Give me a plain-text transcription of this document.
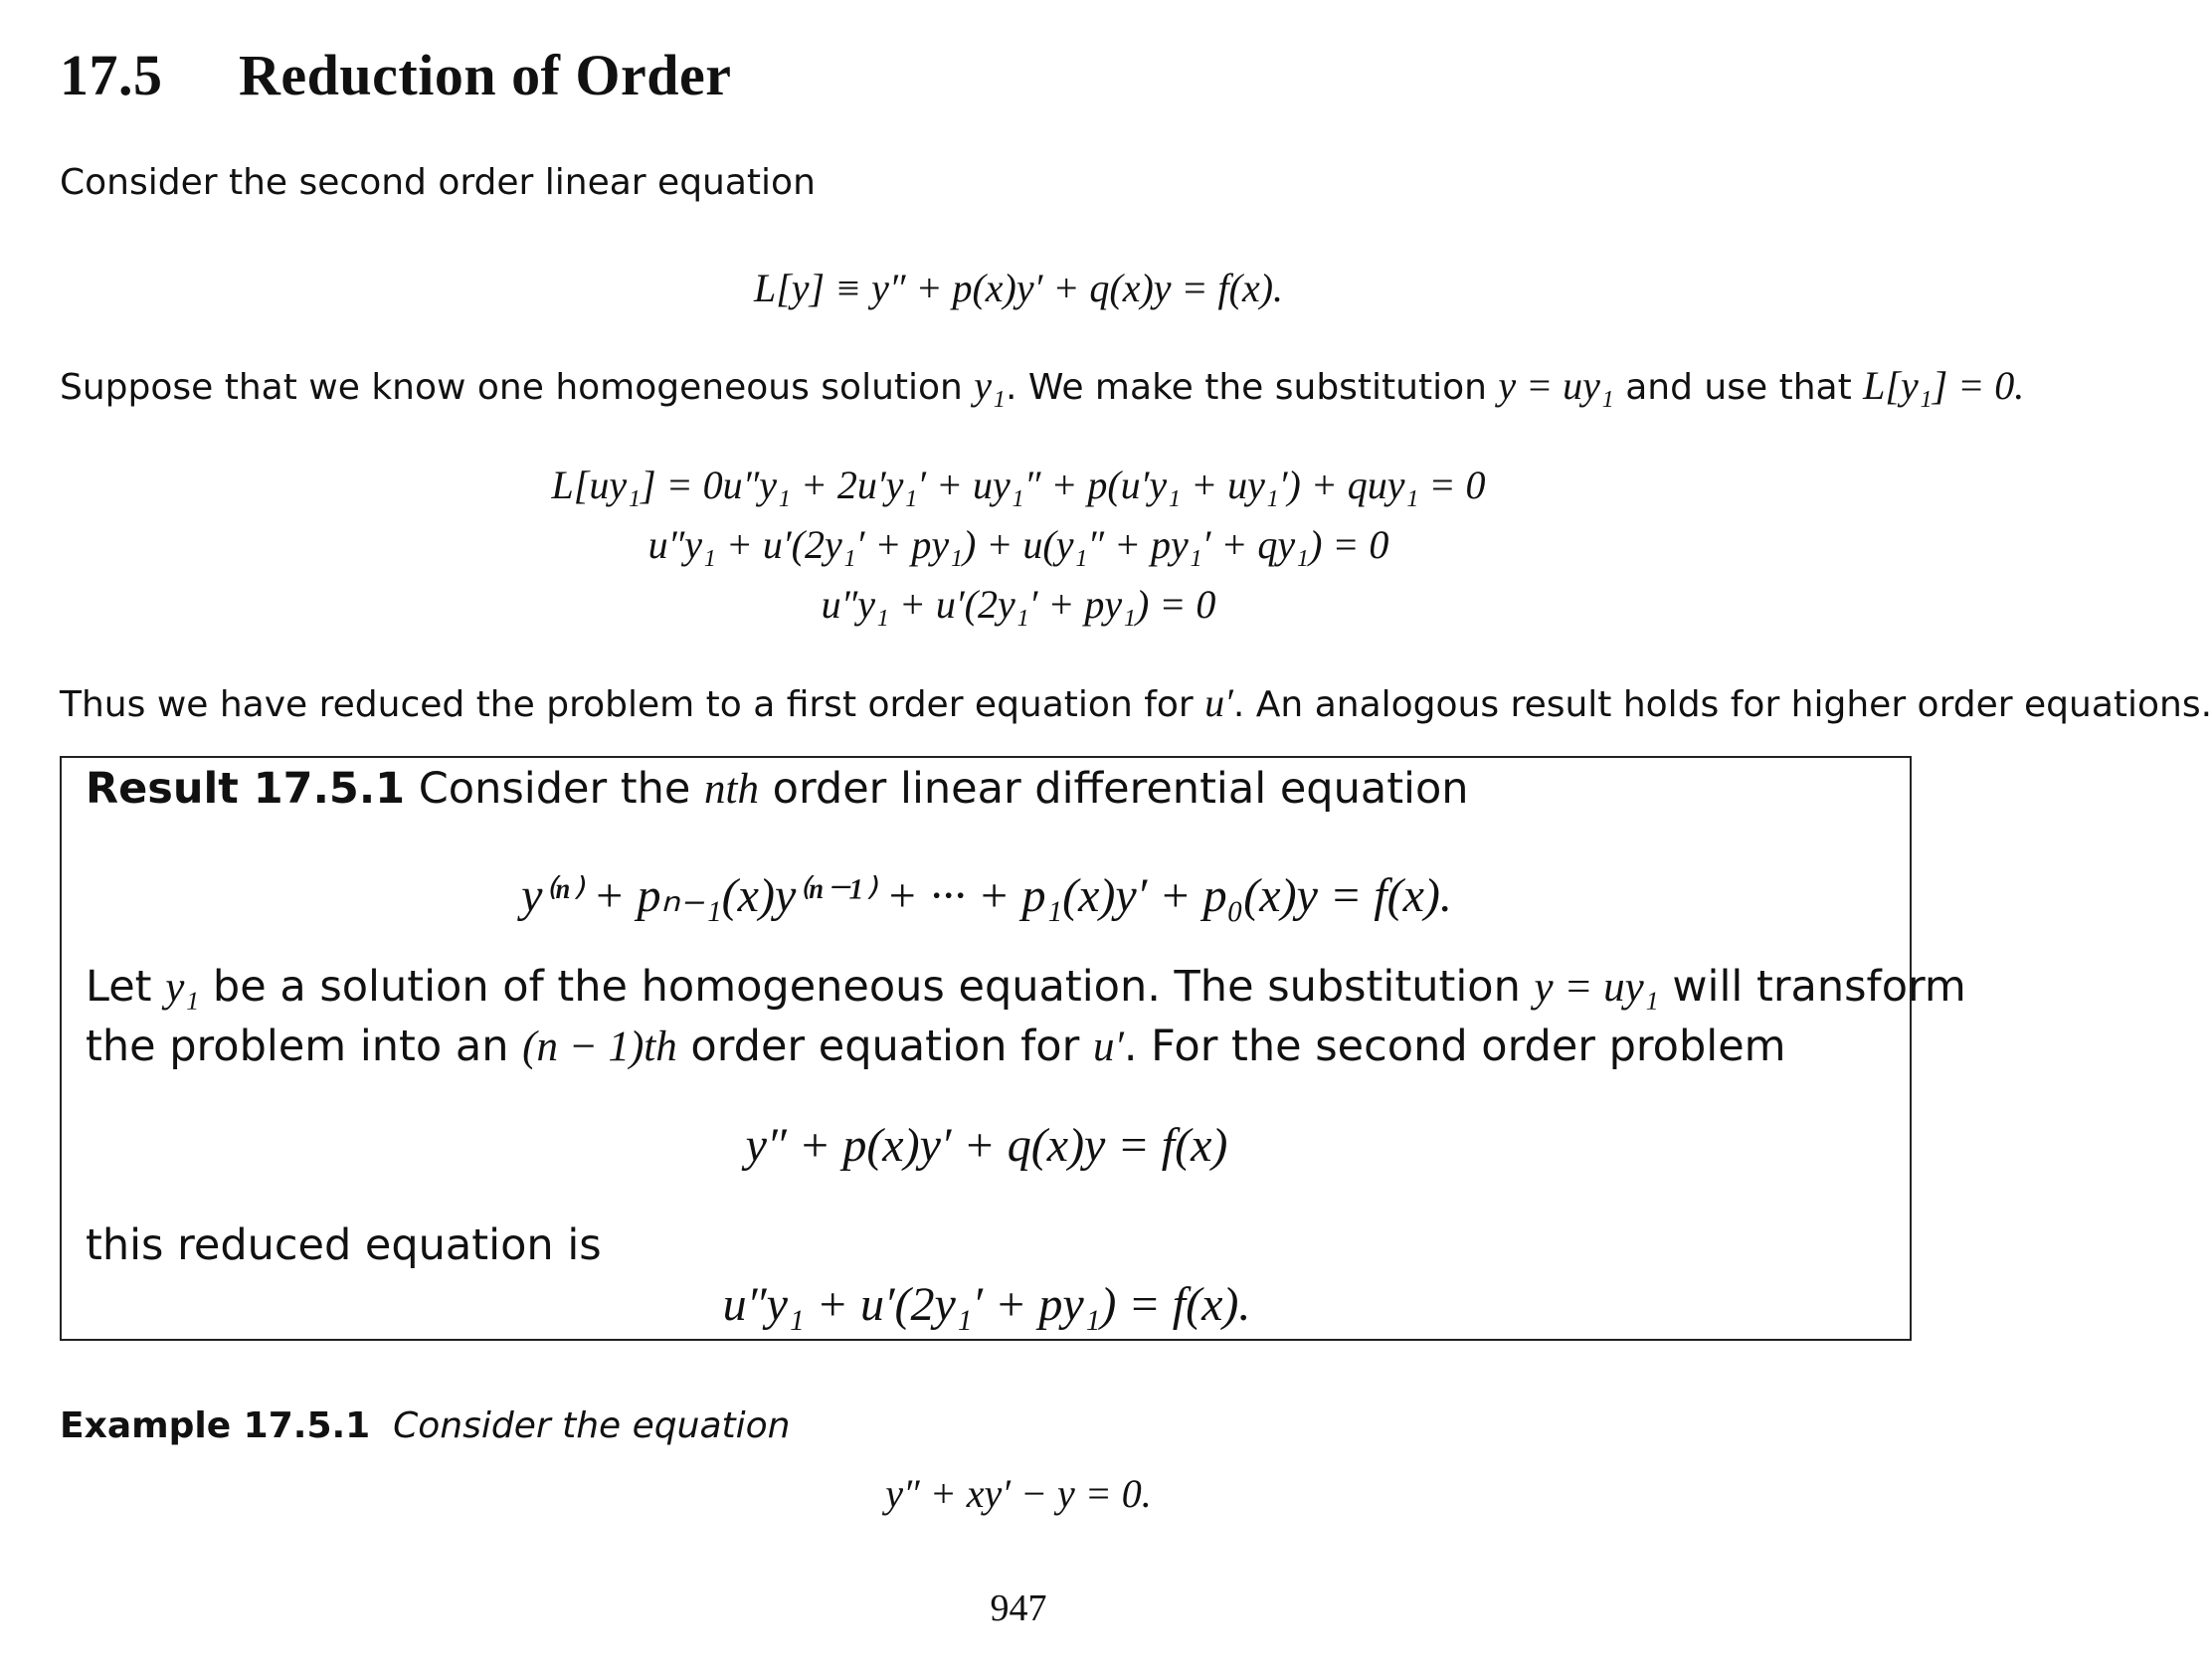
17.5 Reduction of Order
Consider the second order linear equation
L[y] ≡ y″ + p(x)y′ + q(x)y = f(x).
Suppose that we know one homogeneous solution y₁. We make the substitution y = uy₁ and use that L[y₁] = 0.
L[uy₁] = 0u″y₁ + 2u′y₁′ + uy₁″ + p(u′y₁ + uy₁′) + quy₁ = 0
u″y₁ + u′(2y₁′ + py₁) + u(y₁″ + py₁′ + qy₁) = 0
u″y₁ + u′(2y₁′ + py₁) = 0
Thus we have reduced the problem to a first order equation for u′. An analogous result holds for higher order equations.
Result 17.5.1 Consider the nth order linear differential equation
y⁽ⁿ⁾ + pₙ₋₁(x)y⁽ⁿ⁻¹⁾ + ··· + p₁(x)y′ + p₀(x)y = f(x).
Let y₁ be a solution of the homogeneous equation. The substitution y = uy₁ will transform
the problem into an (n − 1)th order equation for u′. For the second order problem
y″ + p(x)y′ + q(x)y = f(x)
this reduced equation is
u″y₁ + u′(2y₁′ + py₁) = f(x).
Example 17.5.1 Consider the equation
y″ + xy′ − y = 0.
947
